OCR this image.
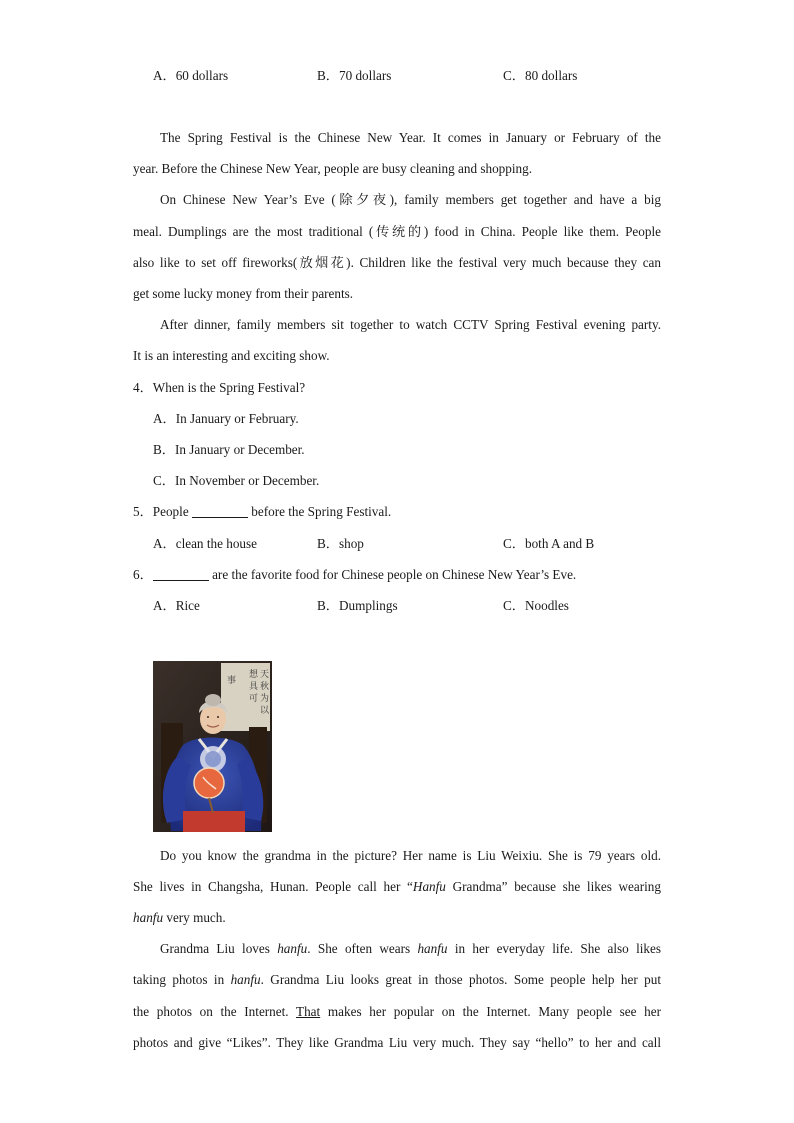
A．60 dollars	B．70 dollars	C．80 dollars
The Spring Festival is the Chinese New Year. It comes in January or February of the
year. Before the Chinese New Year, people are busy cleaning and shopping.
On Chinese New Year’s Eve (除夕夜), family members get together and have a big
meal. Dumplings are the most traditional (传统的) food in China. People like them. People
also like to set off fireworks(放烟花). Children like the festival very much because they can
get some lucky money from their parents.
After dinner, family members sit together to watch CCTV Spring Festival evening party.
It is an interesting and exciting show.
4．When is the Spring Festival?
A．In January or February.
B．In January or December.
C．In November or December.
5．People	before the Spring Festival.
A．clean the house	B．shop	C．both A and B
6．	are the favorite food for Chinese people on Chinese New Year’s Eve.
A．Rice	B．Dumplings	C．Noodles
想 天
事
具 秋
为
可
以
Do you know the grandma in the picture? Her name is Liu Weixiu. She is 79 years old.
She lives in Changsha, Hunan. People call her “Hanfu Grandma” because she likes wearing
hanfu very much.
Grandma Liu loves hanfu. She often wears hanfu in her everyday life. She also likes
taking photos in hanfu. Grandma Liu looks great in those photos. Some people help her put
the photos on the Internet. That makes her popular on the Internet. Many people see her
photos and give “Likes”. They like Grandma Liu very much. They say “hello” to her and call
